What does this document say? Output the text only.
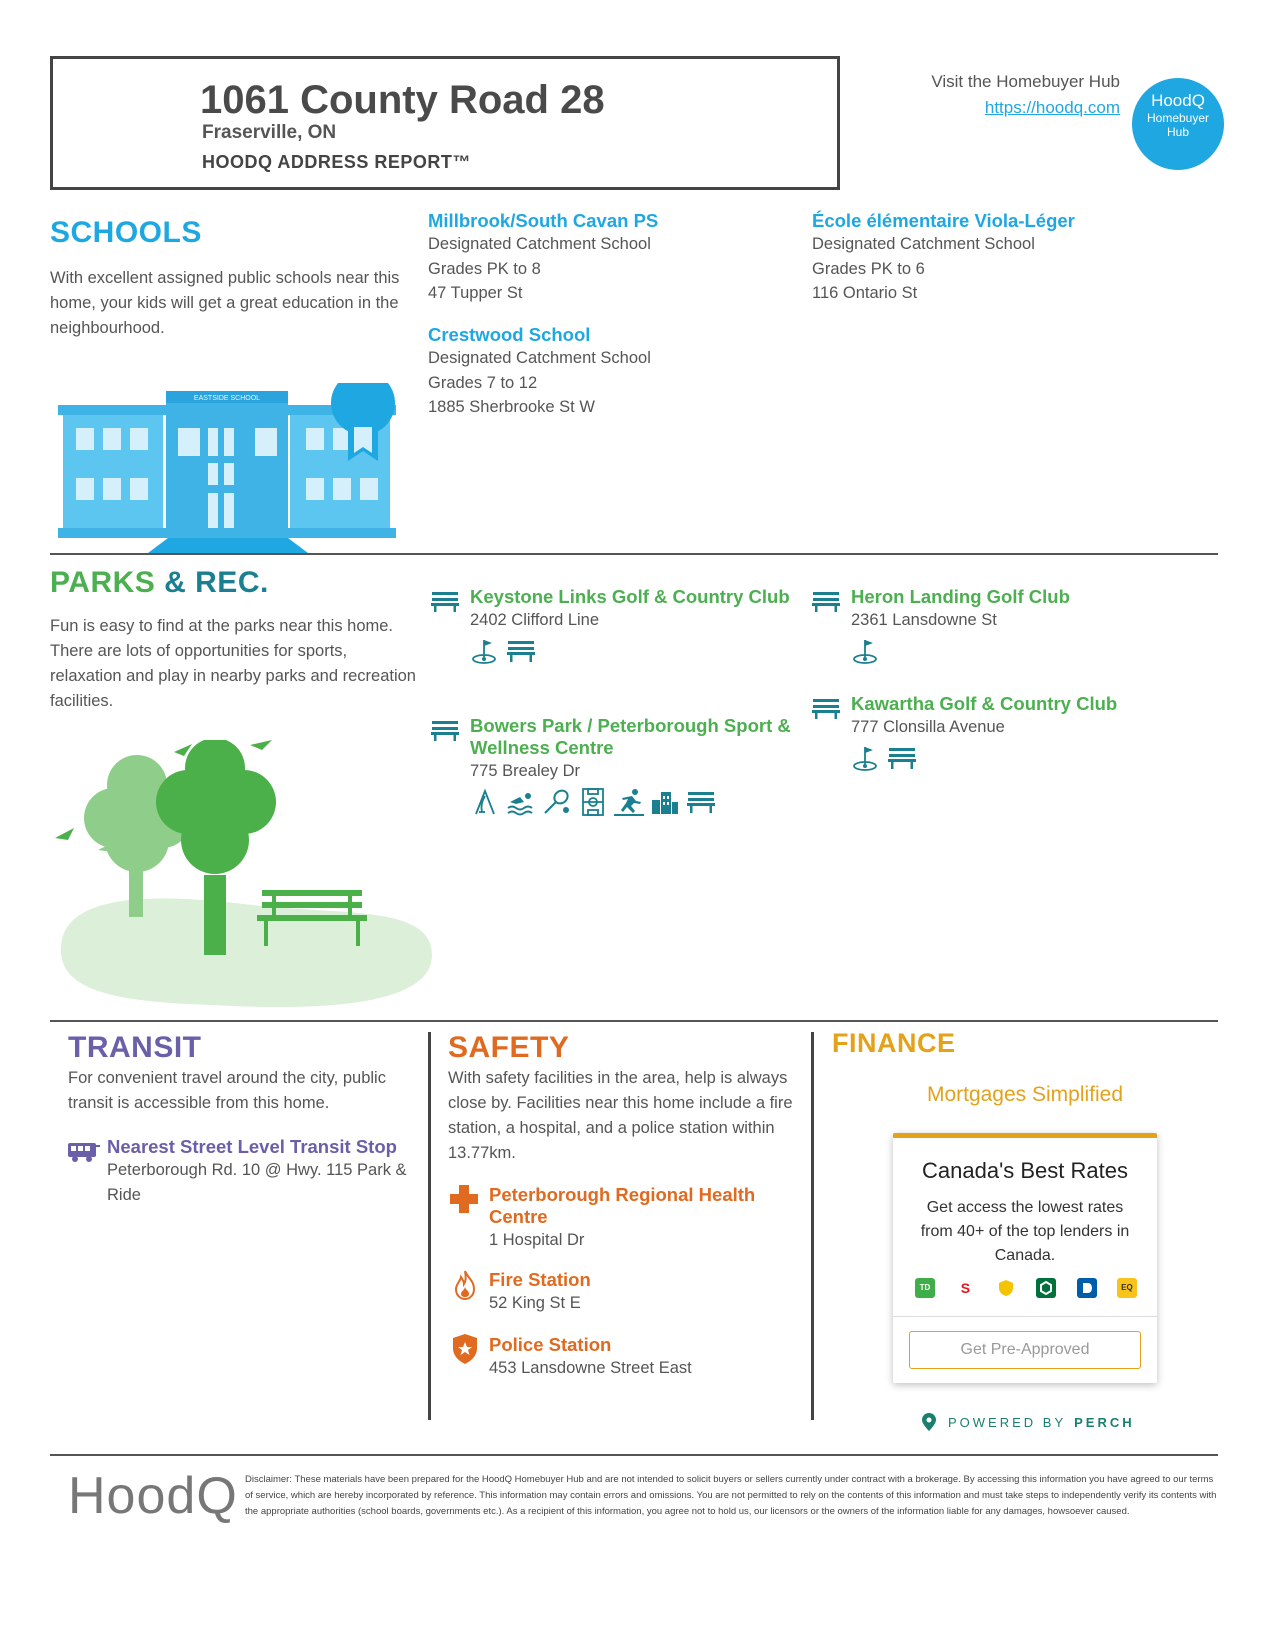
1061 County Road 28
Fraserville, ON
HOODQ ADDRESS REPORT™
Visit the Homebuyer Hub
https://hoodq.com	HoodQ
Homebuyer
Hub
SCHOOLS
With excellent assigned public schools near this home, your kids will get a great education in the neighbourhood.
EASTSIDE SCHOOL
Millbrook/South Cavan PS
Designated Catchment School
Grades PK to 8
47 Tupper St
Crestwood School
Designated Catchment School
Grades 7 to 12
1885 Sherbrooke St W
École élémentaire Viola-Léger
Designated Catchment School
Grades PK to 6
116 Ontario St
PARKS & REC.
Fun is easy to find at the parks near this home. There are lots of opportunities for sports, relaxation and play in nearby parks and recreation facilities.
Keystone Links Golf & Country Club
2402 Clifford Line
Bowers Park / Peterborough Sport & Wellness Centre
775 Brealey Dr
Heron Landing Golf Club
2361 Lansdowne St
Kawartha Golf & Country Club
777 Clonsilla Avenue
TRANSIT
For convenient travel around the city, public transit is accessible from this home.
Nearest Street Level Transit Stop
Peterborough Rd. 10 @ Hwy. 115 Park & Ride
SAFETY
With safety facilities in the area, help is always close by. Facilities near this home include a fire station, a hospital, and a police station within 13.77km.
Peterborough Regional Health Centre
1 Hospital Dr
Fire Station
52 King St E
Police Station
453 Lansdowne Street East
FINANCE
Mortgages Simplified
Canada's Best Rates
Get access the lowest rates from 40+ of the top lenders in Canada.
TD	S	EQ
Get Pre-Approved
POWERED BY PERCH
HoodQ Disclaimer: These materials have been prepared for the HoodQ Homebuyer Hub and are not intended to solicit buyers or sellers currently under contract with a brokerage. By accessing this information you have agreed to our terms of service, which are hereby incorporated by reference. This information may contain errors and omissions. You are not permitted to rely on the contents of this information and must take steps to independently verify its contents with the appropriate authorities (school boards, governments etc.). As a recipient of this information, you agree not to hold us, our licensors or the owners of the information liable for any damages, howsoever caused.
